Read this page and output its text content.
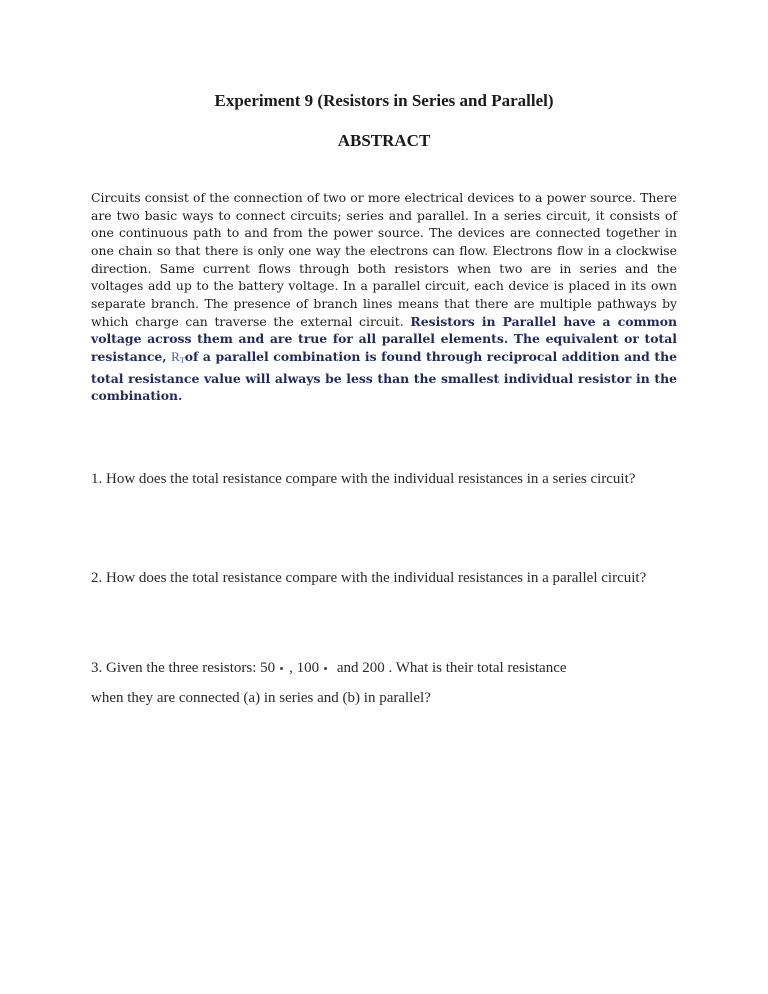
Experiment 9 (Resistors in Series and Parallel)
ABSTRACT
Circuits consist of the connection of two or more electrical devices to a power source. There are two basic ways to connect circuits; series and parallel. In a series circuit, it consists of one continuous path to and from the power source. The devices are connected together in one chain so that there is only one way the electrons can flow. Electrons flow in a clockwise direction. Same current flows through both resistors when two are in series and the voltages add up to the battery voltage. In a parallel circuit, each device is placed in its own separate branch. The presence of branch lines means that there are multiple pathways by which charge can traverse the external circuit. Resistors in Parallel have a common voltage across them and are true for all parallel elements. The equivalent or total resistance, $R_Tof$ a parallel combination is found through reciprocal addition and the total resistance value will always be less than the smallest individual resistor in the combination.
1. How does the total resistance compare with the individual resistances in a series circuit?
2. How does the total resistance compare with the individual resistances in a parallel circuit?
3. Given the three resistors: 50 , 100 and 200 . What is their total resistance
when they are connected (a) in series and (b) in parallel?
